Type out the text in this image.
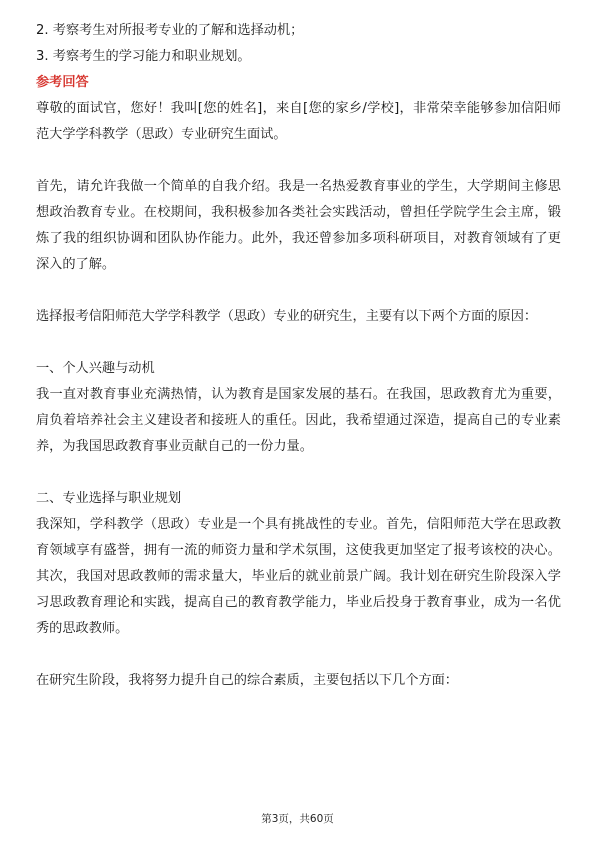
2. 考察考生对所报考专业的了解和选择动机；

3. 考察考生的学习能力和职业规划。

参考回答

尊敬的面试官，您好！我叫[您的姓名]，来自[您的家乡/学校]，非常荣幸能够参加信阳师范大学学科教学（思政）专业研究生面试。

首先，请允许我做一个简单的自我介绍。我是一名热爱教育事业的学生，大学期间主修思想政治教育专业。在校期间，我积极参加各类社会实践活动，曾担任学院学生会主席，锻炼了我的组织协调和团队协作能力。此外，我还曾参加多项科研项目，对教育领域有了更深入的了解。

选择报考信阳师范大学学科教学（思政）专业的研究生，主要有以下两个方面的原因：

一、个人兴趣与动机

我一直对教育事业充满热情，认为教育是国家发展的基石。在我国，思政教育尤为重要，肩负着培养社会主义建设者和接班人的重任。因此，我希望通过深造，提高自己的专业素养，为我国思政教育事业贡献自己的一份力量。

二、专业选择与职业规划

我深知，学科教学（思政）专业是一个具有挑战性的专业。首先，信阳师范大学在思政教育领域享有盛誉，拥有一流的师资力量和学术氛围，这使我更加坚定了报考该校的决心。其次，我国对思政教师的需求量大，毕业后的就业前景广阔。我计划在研究生阶段深入学习思政教育理论和实践，提高自己的教育教学能力，毕业后投身于教育事业，成为一名优秀的思政教师。

在研究生阶段，我将努力提升自己的综合素质，主要包括以下几个方面：

第3页，共60页
